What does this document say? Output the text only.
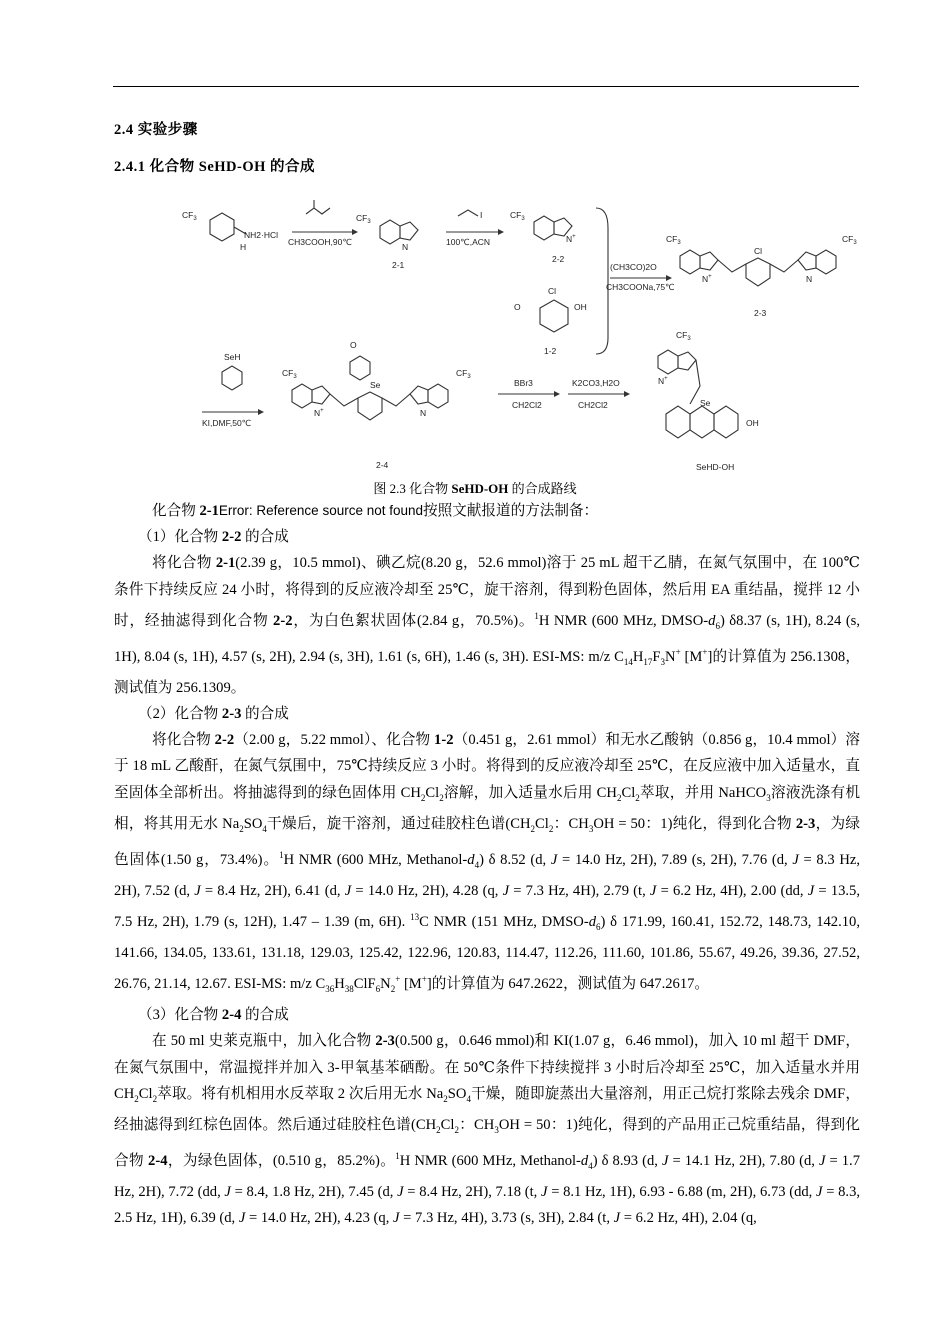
2.4 实验步骤
2.4.1 化合物 SeHD-OH 的合成
$CF_3$
NH2·HCl
H	CH3COOH,90℃
$CF_3$
N
2-1
I
100℃,ACN
$CF_3$
N+
2-2
Cl
O	OH
1-2
(CH3CO)2O
CH3COONa,75℃
$CF_3$	$CF_3$
Cl
N+	N
2-3
SeH
KI,DMF,50℃
O
Se
$CF_3$	$CF_3$
N+	N
2-4
BBr3
CH2Cl2
K2CO3,H2O
CH2Cl2
$CF_3$
N+
Se
OH
SeHD-OH
图 2.3 化合物 SeHD-OH 的合成路线

化合物 2-1Error: Reference source not found按照文献报道的方法制备：

（1）化合物 2-2 的合成

将化合物 2-1(2.39 g，10.5 mmol)、碘乙烷(8.20 g，52.6 mmol)溶于 25 mL 超干乙腈，在氮气氛围中，在 100℃条件下持续反应 24 小时，将得到的反应液冷却至 25℃，旋干溶剂，得到粉色固体，然后用 EA 重结晶，搅拌 12 小时，经抽滤得到化合物 2-2，为白色絮状固体(2.84 g，70.5%)。$^1$H NMR (600 MHz, DMSO-$d_6$) δ8.37 (s, 1H), 8.24 (s, 1H), 8.04 (s, 1H), 4.57 (s, 2H), 2.94 (s, 3H), 1.61 (s, 6H), 1.46 (s, 3H). ESI-MS: m/z $C_{14}H_{17}F_3N^+$ [M+]的计算值为 256.1308，测试值为 256.1309。

（2）化合物 2-3 的合成

将化合物 2-2（2.00 g，5.22 mmol）、化合物 1-2（0.451 g，2.61 mmol）和无水乙酸钠（0.856 g，10.4 mmol）溶于 18 mL 乙酸酐，在氮气氛围中，75℃持续反应 3 小时。将得到的反应液冷却至 25℃，在反应液中加入适量水，直至固体全部析出。将抽滤得到的绿色固体用 $CH_2Cl_2$溶解，加入适量水后用 $CH_2Cl_2$萃取，并用 NaHCO$_3$溶液洗涤有机相，将其用无水 $Na_2SO_4$干燥后，旋干溶剂，通过硅胶柱色谱($CH_2Cl_2$：$CH_3OH = 50$：1)纯化，得到化合物 2-3，为绿色固体(1.50 g，73.4%)。$^1$H NMR (600 MHz, Methanol-$d_4$) δ 8.52 (d, J = 14.0 Hz, 2H), 7.89 (s, 2H), 7.76 (d, J = 8.3 Hz, 2H), 7.52 (d, J = 8.4 Hz, 2H), 6.41 (d, J = 14.0 Hz, 2H), 4.28 (q, J = 7.3 Hz, 4H), 2.79 (t, J = 6.2 Hz, 4H), 2.00 (dd, J = 13.5, 7.5 Hz, 2H), 1.79 (s, 12H), 1.47 – 1.39 (m, 6H). $^{13}$C NMR (151 MHz, DMSO-$d_6$) δ 171.99, 160.41, 152.72, 148.73, 142.10, 141.66, 134.05, 133.61, 131.18, 129.03, 125.42, 122.96, 120.83, 114.47, 112.26, 111.60, 101.86, 55.67, 49.26, 39.36, 27.52, 26.76, 21.14, 12.67. ESI-MS: m/z $C_{36}H_{38}ClF_6N_2^+$ [M+]的计算值为 647.2622，测试值为 647.2617。

（3）化合物 2-4 的合成

在 50 ml 史莱克瓶中，加入化合物 2-3(0.500 g，0.646 mmol)和 KI(1.07 g，6.46 mmol)，加入 10 ml 超干 DMF，在氮气氛围中，常温搅拌并加入 3-甲氧基苯硒酚。在 50℃条件下持续搅拌 3 小时后冷却至 25℃，加入适量水并用 $CH_2Cl_2$萃取。将有机相用水反萃取 2 次后用无水 $Na_2SO_4$干燥，随即旋蒸出大量溶剂，用正己烷打浆除去残余 DMF，经抽滤得到红棕色固体。然后通过硅胶柱色谱($CH_2Cl_2$：$CH_3OH = 50$：1)纯化，得到的产品用正己烷重结晶，得到化合物 2-4，为绿色固体，(0.510 g，85.2%)。$^1$H NMR (600 MHz, Methanol-$d_4$) δ 8.93 (d, J = 14.1 Hz, 2H), 7.80 (d, J = 1.7 Hz, 2H), 7.72 (dd, J = 8.4, 1.8 Hz, 2H), 7.45 (d, J = 8.4 Hz, 2H), 7.18 (t, J = 8.1 Hz, 1H), 6.93 ‑ 6.88 (m, 2H), 6.73 (dd, J = 8.3, 2.5 Hz, 1H), 6.39 (d, J = 14.0 Hz, 2H), 4.23 (q, J = 7.3 Hz, 4H), 3.73 (s, 3H), 2.84 (t, J = 6.2 Hz, 4H), 2.04 (q,
